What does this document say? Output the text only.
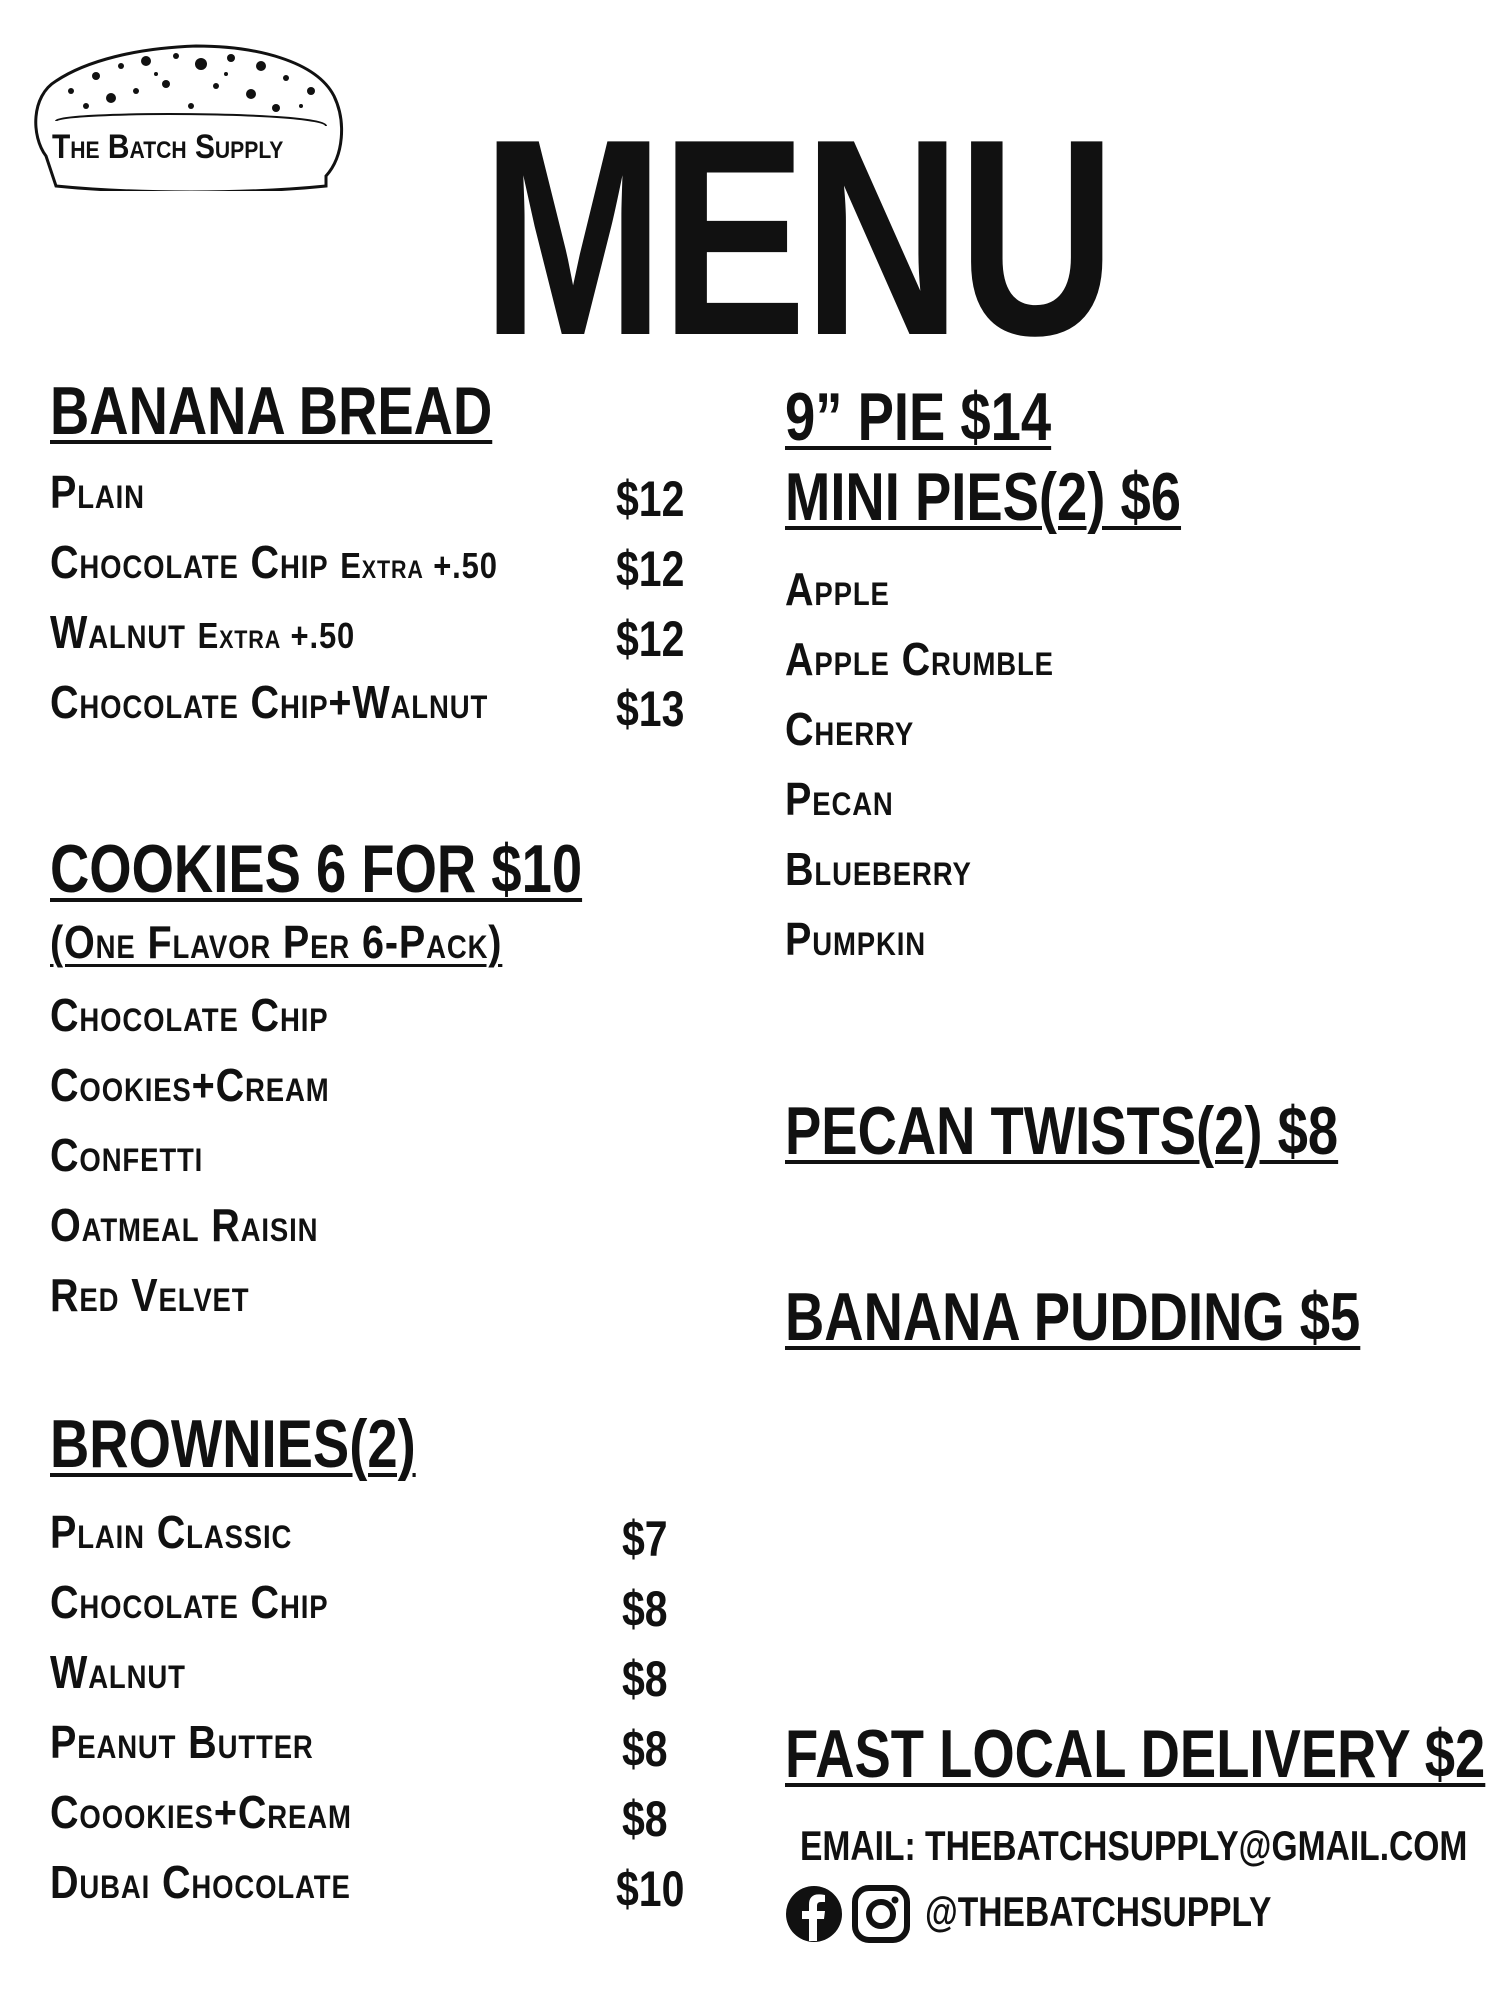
The Batch Supply MENU
BANANA BREAD
Plain	$12
Chocolate Chip Extra +.50 $12
Walnut Extra +.50	$12
Chocolate Chip+Walnut	$13
COOKIES 6 FOR $10
(One Flavor Per 6-Pack)
Chocolate Chip
Cookies+Cream
Confetti
Oatmeal Raisin
Red Velvet
BROWNIES(2)
Plain Classic	$7
Chocolate Chip	$8
Walnut	$8
Peanut Butter	$8
Coookies+Cream	$8
Dubai Chocolate	$10
9” PIE $14
MINI PIES(2) $6
Apple
Apple Crumble
Cherry
Pecan
Blueberry
Pumpkin
PECAN TWISTS(2) $8
BANANA PUDDING $5
FAST LOCAL DELIVERY $2
EMAIL: THEBATCHSUPPLY@GMAIL.COM
@THEBATCHSUPPLY
